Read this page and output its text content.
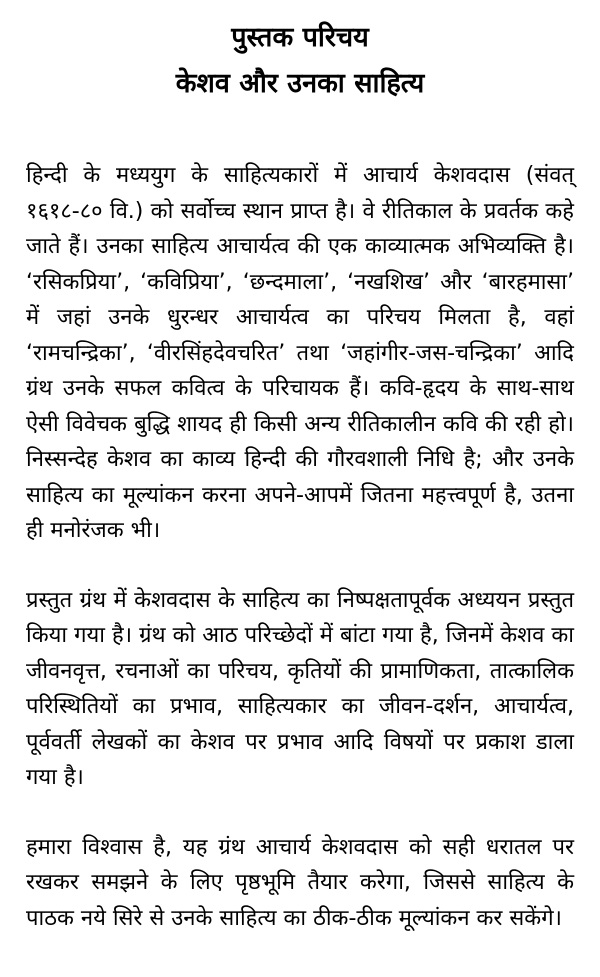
पुस्तक परिचय
केशव और उनका साहित्य

हिन्दी के मध्ययुग के साहित्यकारों में आचार्य केशवदास (संवत् १६१८-८० वि.) को सर्वोच्च स्थान प्राप्त है। वे रीतिकाल के प्रवर्तक कहे जाते हैं। उनका साहित्य आचार्यत्व की एक काव्यात्मक अभिव्यक्ति है। ‘रसिकप्रिया’, ‘कविप्रिया’, ‘छन्दमाला’, ‘नखशिख’ और ‘बारहमासा’ में जहां उनके धुरन्धर आचार्यत्व का परिचय मिलता है, वहां ‘रामचन्द्रिका’, ‘वीरसिंहदेवचरित’ तथा ‘जहांगीर-जस-चन्द्रिका’ आदि ग्रंथ उनके सफल कवित्व के परिचायक हैं। कवि-हृदय के साथ-साथ ऐसी विवेचक बुद्धि शायद ही किसी अन्य रीतिकालीन कवि की रही हो। निस्सन्देह केशव का काव्य हिन्दी की गौरवशाली निधि है; और उनके साहित्य का मूल्यांकन करना अपने-आपमें जितना महत्त्वपूर्ण है, उतना ही मनोरंजक भी।

प्रस्तुत ग्रंथ में केशवदास के साहित्य का निष्पक्षतापूर्वक अध्ययन प्रस्तुत किया गया है। ग्रंथ को आठ परिच्छेदों में बांटा गया है, जिनमें केशव का जीवनवृत्त, रचनाओं का परिचय, कृतियों की प्रामाणिकता, तात्कालिक परिस्थितियों का प्रभाव, साहित्यकार का जीवन-दर्शन, आचार्यत्व, पूर्ववर्ती लेखकों का केशव पर प्रभाव आदि विषयों पर प्रकाश डाला गया है।

हमारा विश्वास है, यह ग्रंथ आचार्य केशवदास को सही धरातल पर रखकर समझने के लिए पृष्ठभूमि तैयार करेगा, जिससे साहित्य के पाठक नये सिरे से उनके साहित्य का ठीक-ठीक मूल्यांकन कर सकेंगे।
